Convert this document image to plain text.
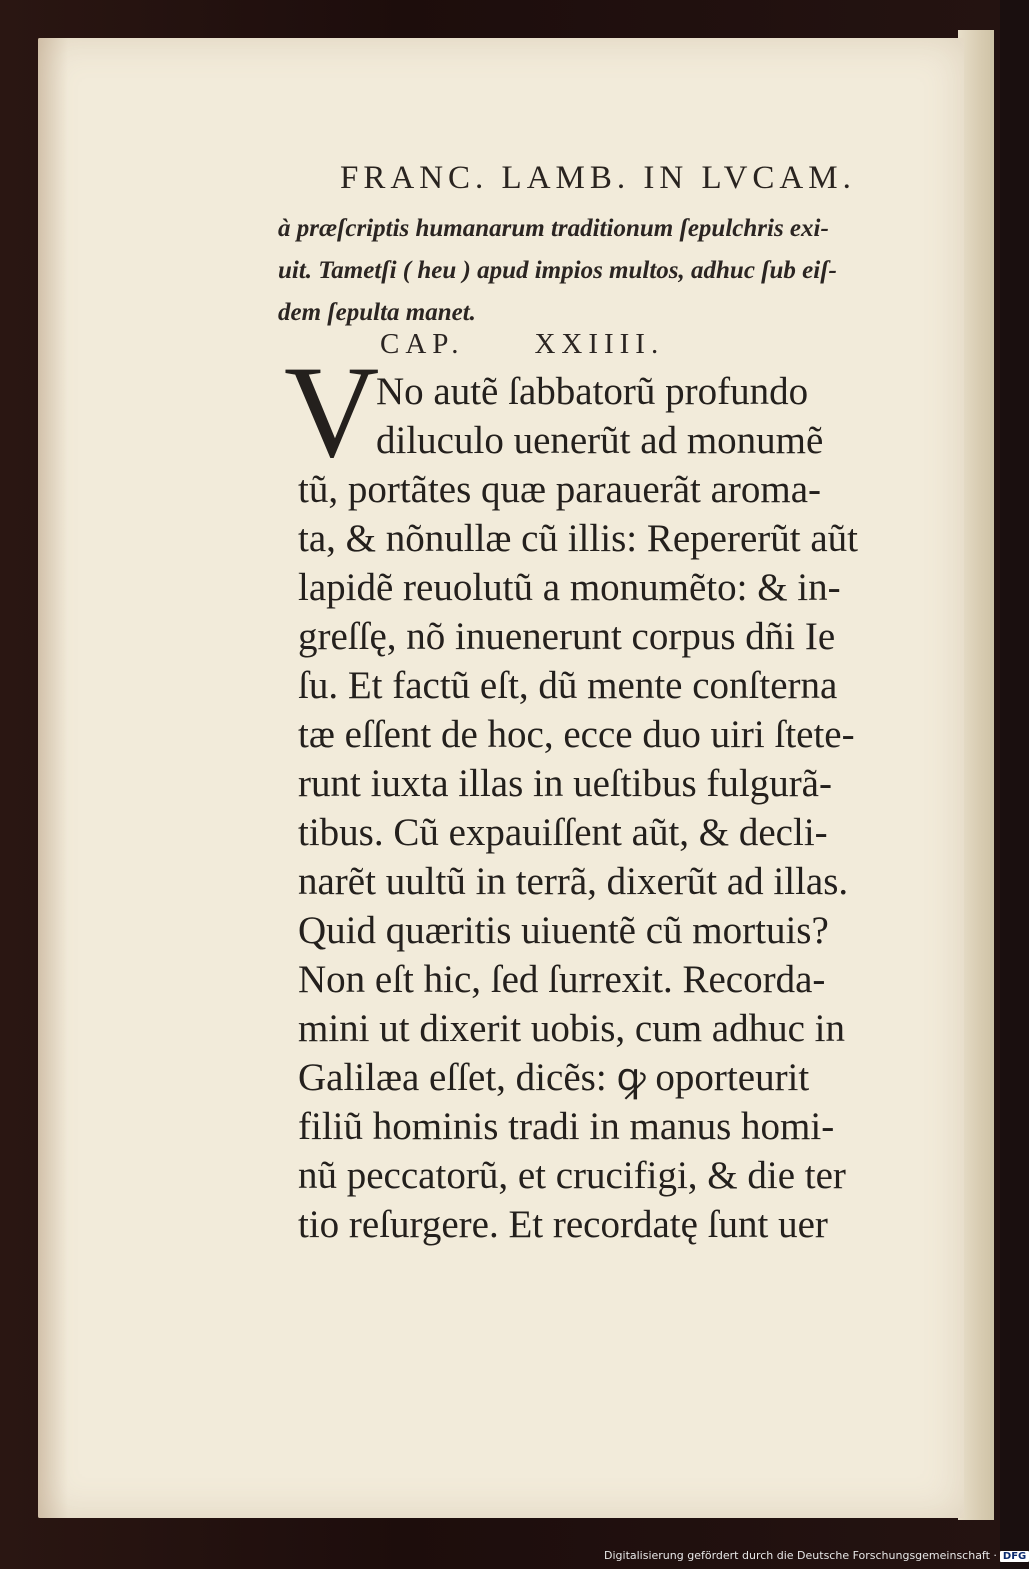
FRANC. LAMB. IN LVCAM.
à præſcriptis humanarum traditionum ſepulchris exi-
uit. Tametſi ( heu ) apud impios multos, adhuc ſub eiſ-
dem ſepulta manet.
CAP. XXIIII.
V
No autẽ ſabbatorũ profundo
diluculo uenerũt ad monumẽ
tũ, portãtes quæ parauerãt aroma-
ta, & nõnullæ cũ illis: Repererũt aũt
lapidẽ reuolutũ a monumẽto: & in-
greſſę, nõ inuenerunt corpus dñi Ie
ſu. Et factũ eſt, dũ mente conſterna
tæ eſſent de hoc, ecce duo uiri ſtete-
runt iuxta illas in ueſtibus fulgurã-
tibus. Cũ expauiſſent aũt, & decli-
narẽt uultũ in terrã, dixerũt ad illas.
Quid quæritis uiuentẽ cũ mortuis?
Non eſt hic, ſed ſurrexit. Recorda-
mini ut dixerit uobis, cum adhuc in
Galilæa eſſet, dicẽs: ꝙ oporteurit
filiũ hominis tradi in manus homi-
nũ peccatorũ, et crucifigi, & die ter
tio reſurgere. Et recordatę ſunt uer
Digitalisierung gefördert durch die Deutsche Forschungsgemeinschaft · DFG
